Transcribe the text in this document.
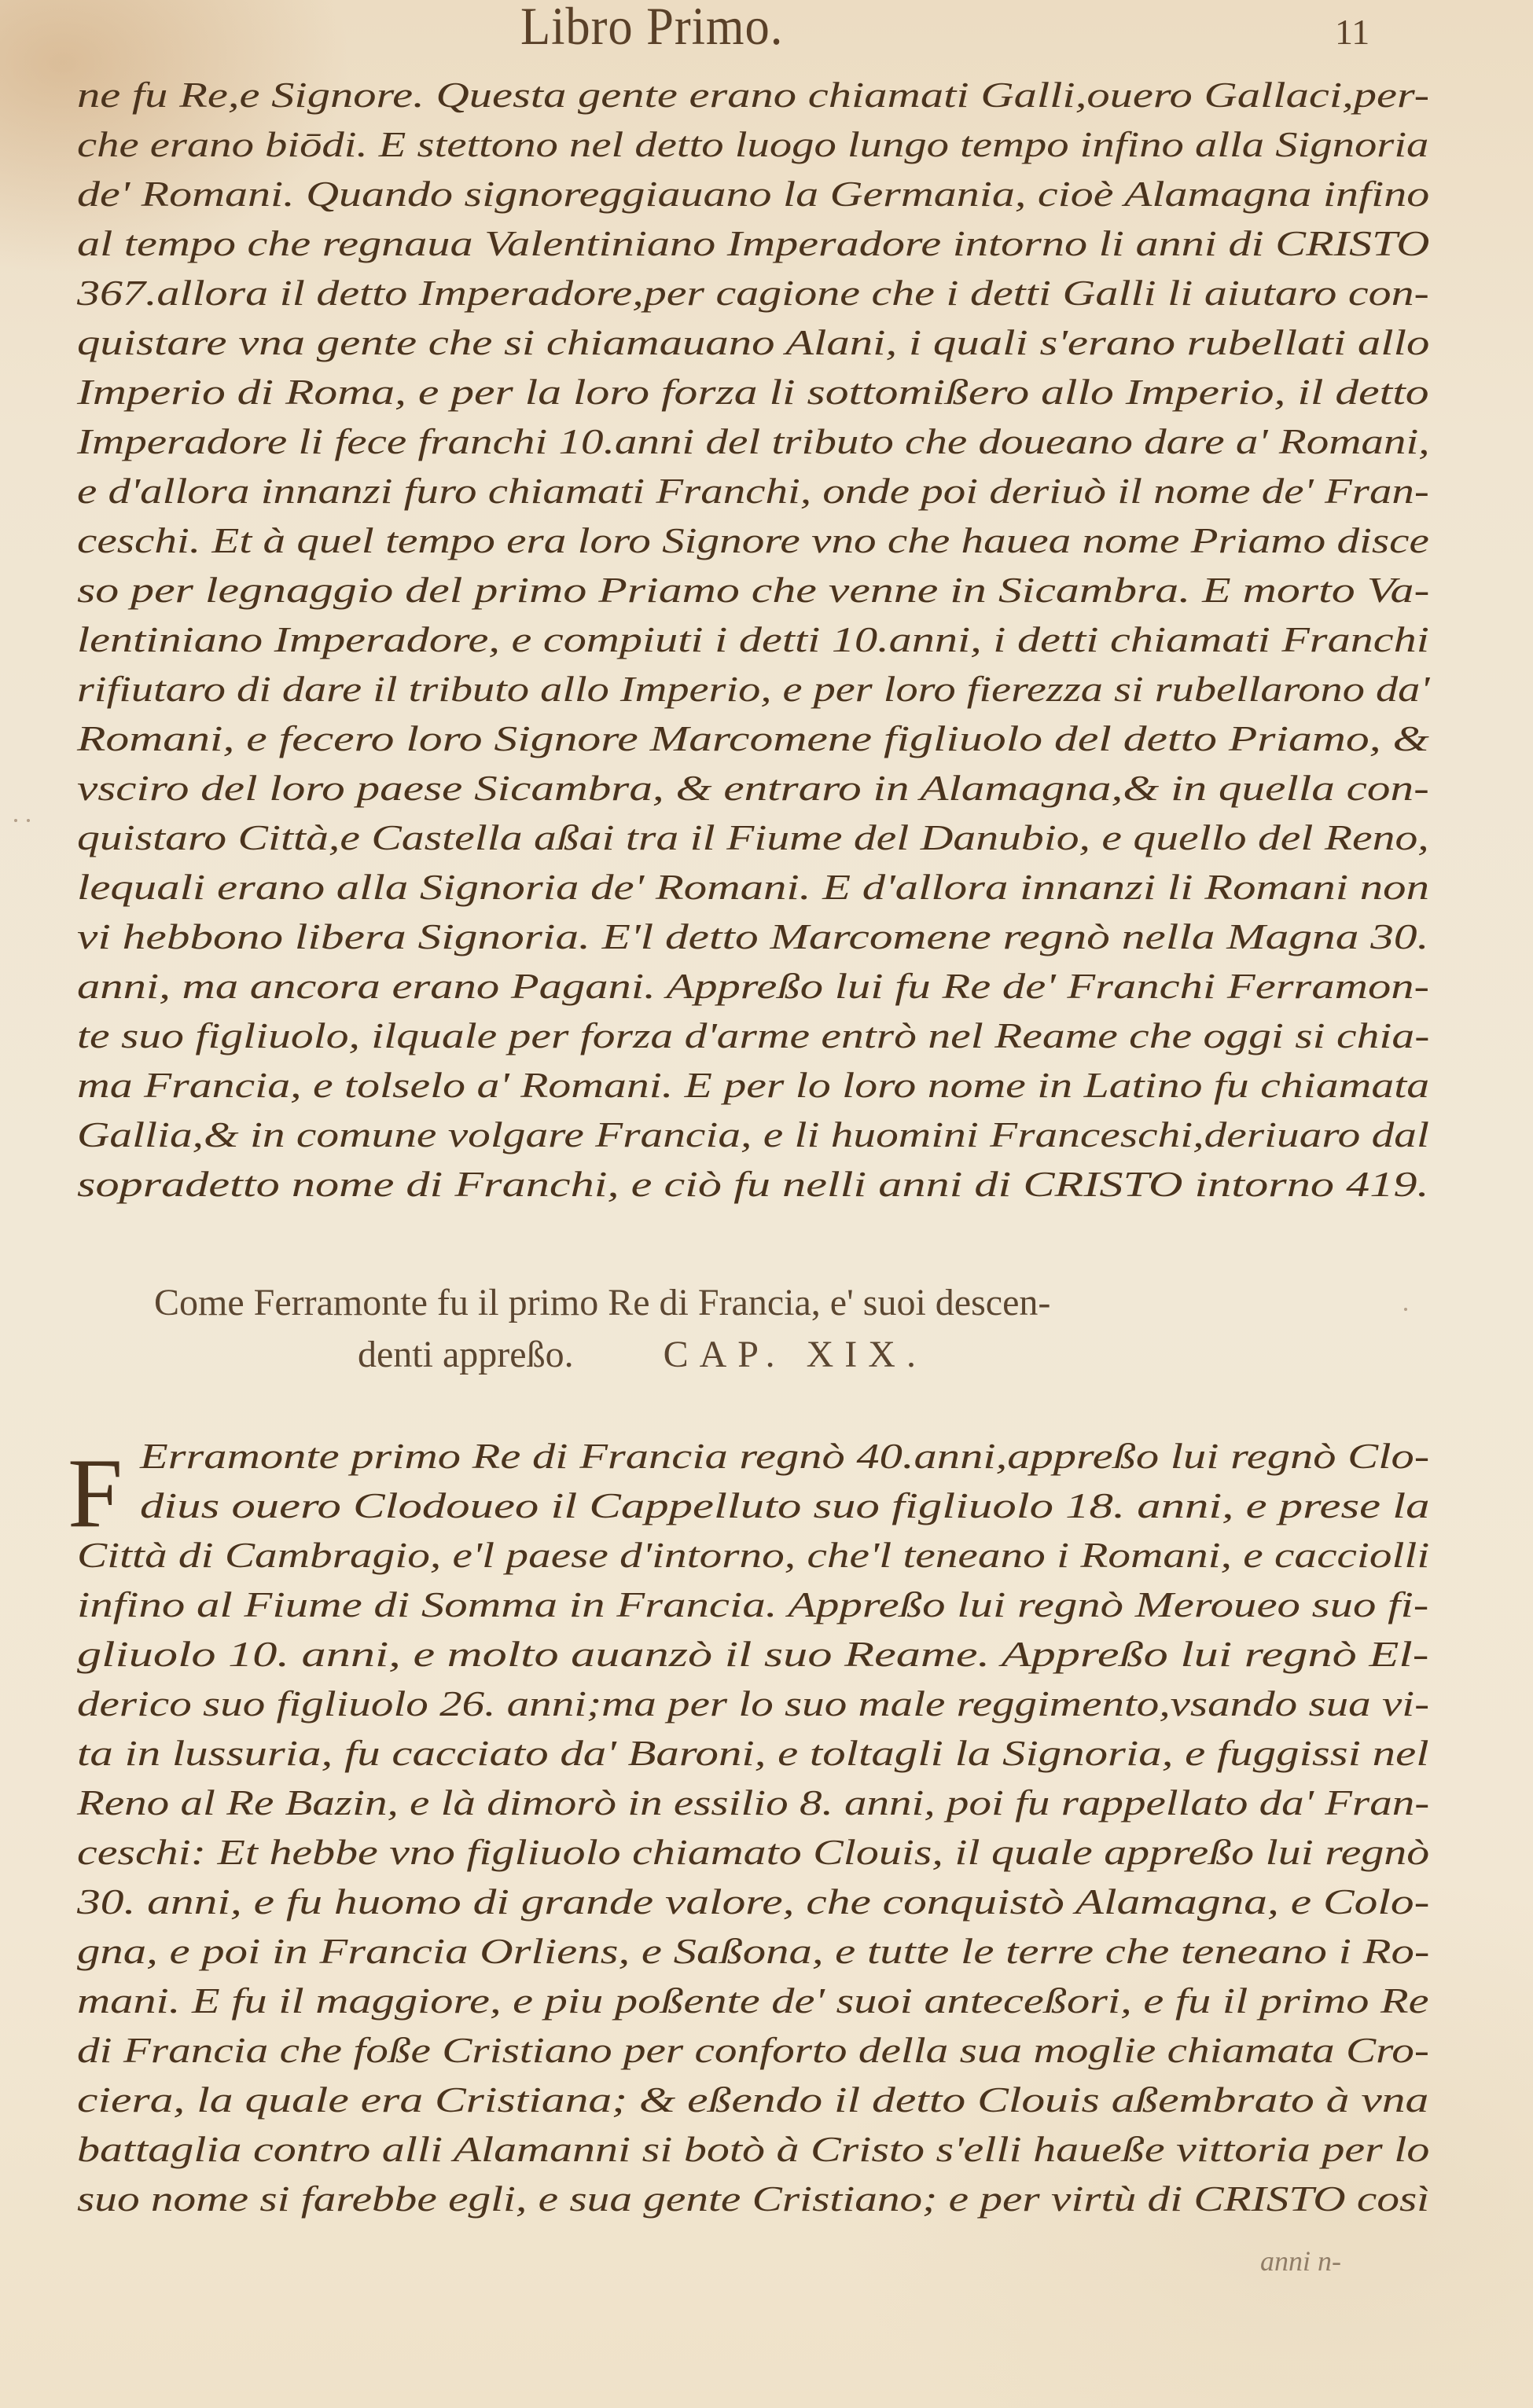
Libro Primo.	11
ne fu Re,e Signore. Questa gente erano chiamati Galli,ouero Gallaci,per-
che erano biōdi. E stettono nel detto luogo lungo tempo infino alla Signoria
de' Romani. Quando signoreggiauano la Germania, cioè Alamagna infino
al tempo che regnaua Valentiniano Imperadore intorno li anni di CRISTO
367.allora il detto Imperadore,per cagione che i detti Galli li aiutaro con-
quistare vna gente che si chiamauano Alani, i quali s'erano rubellati allo
Imperio di Roma, e per la loro forza li sottomißero allo Imperio, il detto
Imperadore li fece franchi 10.anni del tributo che doueano dare a' Romani,
e d'allora innanzi furo chiamati Franchi, onde poi deriuò il nome de' Fran-
ceschi. Et à quel tempo era loro Signore vno che hauea nome Priamo disce
so per legnaggio del primo Priamo che venne in Sicambra. E morto Va-
lentiniano Imperadore, e compiuti i detti 10.anni, i detti chiamati Franchi
rifiutaro di dare il tributo allo Imperio, e per loro fierezza si rubellarono da'
Romani, e fecero loro Signore Marcomene figliuolo del detto Priamo, &
vsciro del loro paese Sicambra, & entraro in Alamagna,& in quella con-
quistaro Città,e Castella aßai tra il Fiume del Danubio, e quello del Reno,
lequali erano alla Signoria de' Romani. E d'allora innanzi li Romani non
vi hebbono libera Signoria. E'l detto Marcomene regnò nella Magna 30.
anni, ma ancora erano Pagani. Appreßo lui fu Re de' Franchi Ferramon-
te suo figliuolo, ilquale per forza d'arme entrò nel Reame che oggi si chia-
ma Francia, e tolselo a' Romani. E per lo loro nome in Latino fu chiamata
Gallia,& in comune volgare Francia, e li huomini Franceschi,deriuaro dal
sopradetto nome di Franchi, e ciò fu nelli anni di CRISTO intorno 419.
Come Ferramonte fu il primo Re di Francia, e' suoi descen-
denti appreßo. CAP. XIX.
F Erramonte primo Re di Francia regnò 40.anni,appreßo lui regnò Clo-
dius ouero Clodoueo il Cappelluto suo figliuolo 18. anni, e prese la
Città di Cambragio, e'l paese d'intorno, che'l teneano i Romani, e cacciolli
infino al Fiume di Somma in Francia. Appreßo lui regnò Meroueo suo fi-
gliuolo 10. anni, e molto auanzò il suo Reame. Appreßo lui regnò El-
derico suo figliuolo 26. anni;ma per lo suo male reggimento,vsando sua vi-
ta in lussuria, fu cacciato da' Baroni, e toltagli la Signoria, e fuggissi nel
Reno al Re Bazin, e là dimorò in essilio 8. anni, poi fu rappellato da' Fran-
ceschi: Et hebbe vno figliuolo chiamato Clouis, il quale appreßo lui regnò
30. anni, e fu huomo di grande valore, che conquistò Alamagna, e Colo-
gna, e poi in Francia Orliens, e Saßona, e tutte le terre che teneano i Ro-
mani. E fu il maggiore, e piu poßente de' suoi anteceßori, e fu il primo Re
di Francia che foße Cristiano per conforto della sua moglie chiamata Cro-
ciera, la quale era Cristiana; & eßendo il detto Clouis aßembrato à vna
battaglia contro alli Alamanni si botò à Cristo s'elli haueße vittoria per lo
suo nome si farebbe egli, e sua gente Cristiano; e per virtù di CRISTO così
anni n-
